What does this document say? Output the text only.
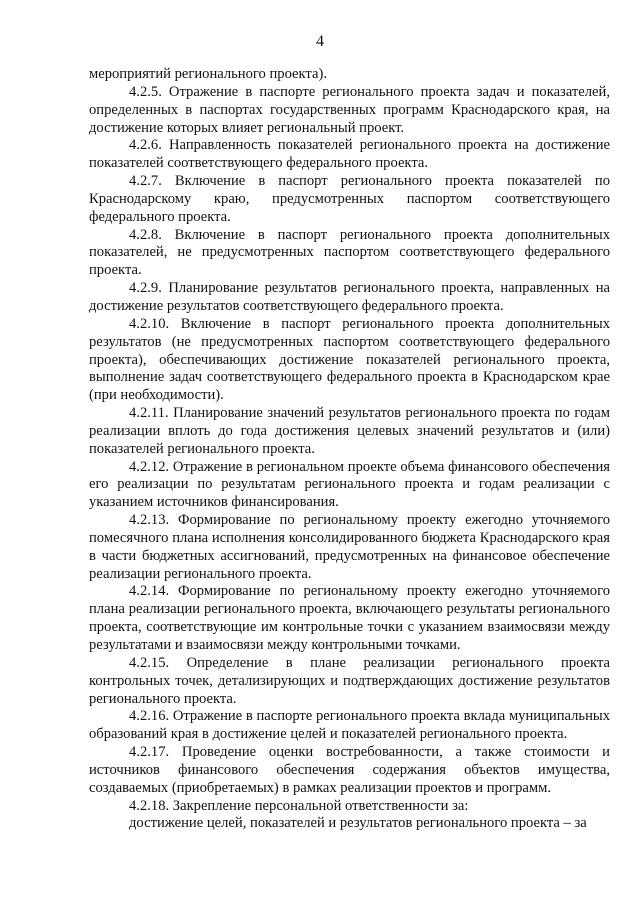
4

мероприятий регионального проекта).

4.2.5. Отражение в паспорте регионального проекта задач и показателей, определенных в паспортах государственных программ Краснодарского края, на достижение которых влияет региональный проект.

4.2.6. Направленность показателей регионального проекта на достижение показателей соответствующего федерального проекта.

4.2.7. Включение в паспорт регионального проекта показателей по Краснодарскому краю, предусмотренных паспортом соответствующего федерального проекта.

4.2.8. Включение в паспорт регионального проекта дополнительных показателей, не предусмотренных паспортом соответствующего федерального проекта.

4.2.9. Планирование результатов регионального проекта, направленных на достижение результатов соответствующего федерального проекта.

4.2.10. Включение в паспорт регионального проекта дополнительных результатов (не предусмотренных паспортом соответствующего федерального проекта), обеспечивающих достижение показателей регионального проекта, выполнение задач соответствующего федерального проекта в Краснодарском крае (при необходимости).

4.2.11. Планирование значений результатов регионального проекта по годам реализации вплоть до года достижения целевых значений результатов и (или) показателей регионального проекта.

4.2.12. Отражение в региональном проекте объема финансового обеспечения его реализации по результатам регионального проекта и годам реализации с указанием источников финансирования.

4.2.13. Формирование по региональному проекту ежегодно уточняемого помесячного плана исполнения консолидированного бюджета Краснодарского края в части бюджетных ассигнований, предусмотренных на финансовое обеспечение реализации регионального проекта.

4.2.14. Формирование по региональному проекту ежегодно уточняемого плана реализации регионального проекта, включающего результаты регионального проекта, соответствующие им контрольные точки с указанием взаимосвязи между результатами и взаимосвязи между контрольными точками.

4.2.15. Определение в плане реализации регионального проекта контрольных точек, детализирующих и подтверждающих достижение результатов регионального проекта.

4.2.16. Отражение в паспорте регионального проекта вклада муниципальных образований края в достижение целей и показателей регионального проекта.

4.2.17. Проведение оценки востребованности, а также стоимости и источников финансового обеспечения содержания объектов имущества, создаваемых (приобретаемых) в рамках реализации проектов и программ.

4.2.18. Закрепление персональной ответственности за:

достижение целей, показателей и результатов регионального проекта – за
